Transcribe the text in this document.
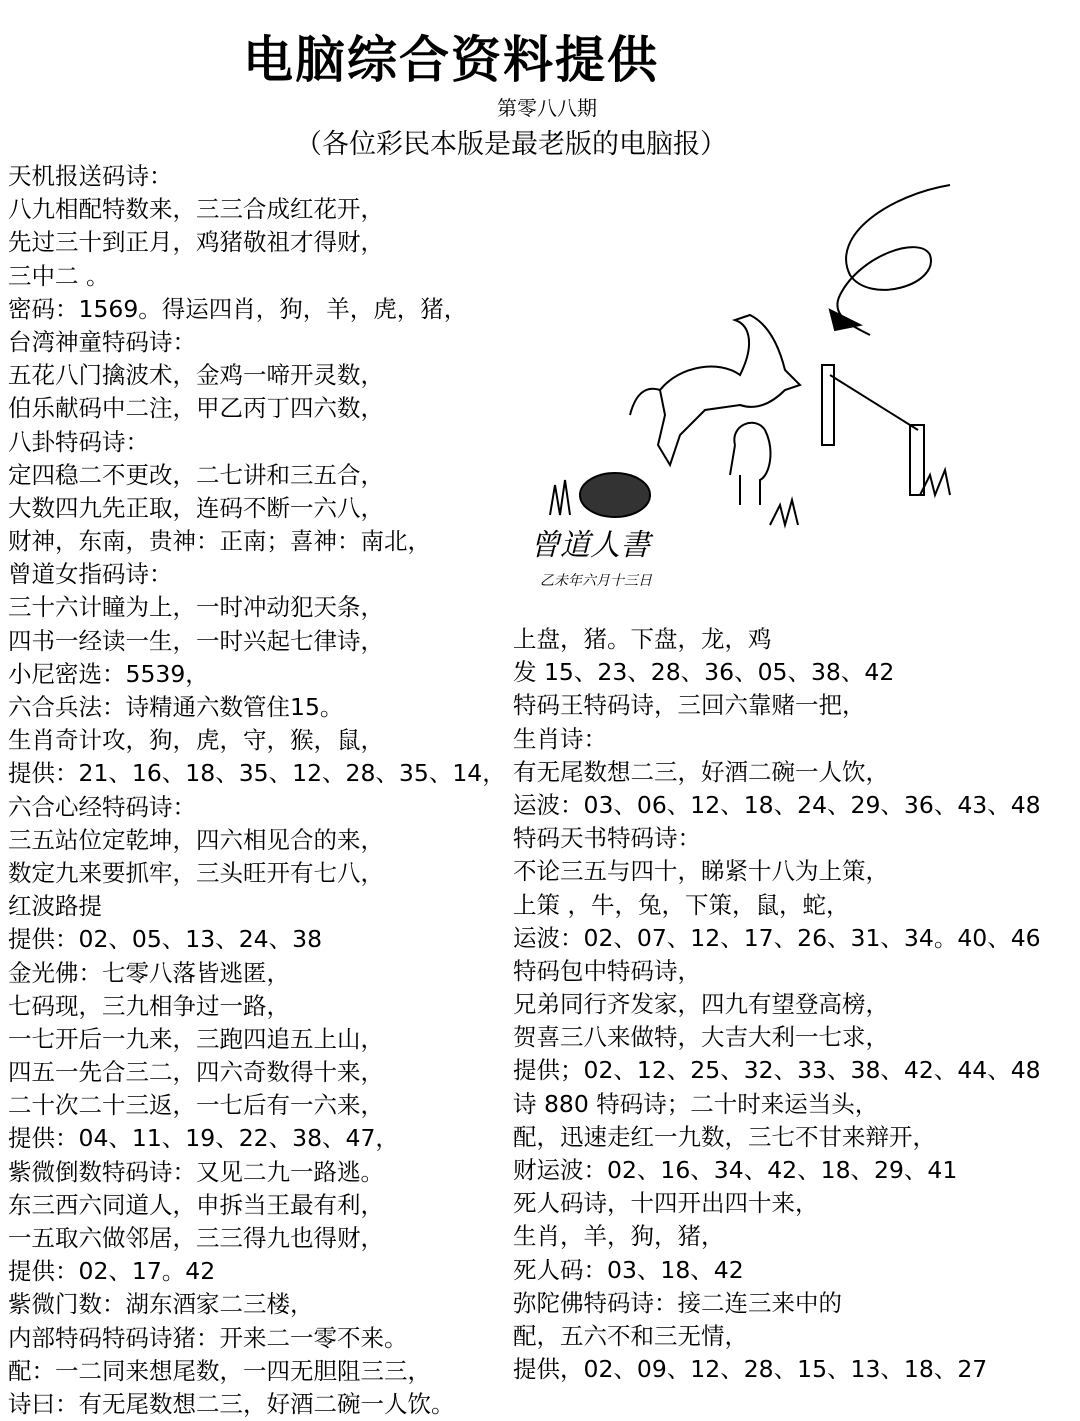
电脑综合资料提供
第零八八期
（各位彩民本版是最老版的电脑报）
天机报送码诗：
八九相配特数来，三三合成红花开，
先过三十到正月，鸡猪敬祖才得财，
三中二 。
密码：1569。得运四肖，狗，羊，虎，猪，
台湾神童特码诗：
五花八门擒波术，金鸡一啼开灵数，
伯乐献码中二注，甲乙丙丁四六数，
八卦特码诗：
定四稳二不更改，二七讲和三五合，
大数四九先正取，连码不断一六八，
财神，东南，贵神：正南；喜神：南北，
曾道女指码诗：
三十六计瞳为上，一时冲动犯天条，
四书一经读一生，一时兴起七律诗，
小尼密选：5539，
六合兵法：诗精通六数管住15。
生肖奇计攻，狗，虎，守，猴，鼠，
提供：21、16、18、35、12、28、35、14，
六合心经特码诗：
三五站位定乾坤，四六相见合的来，
数定九来要抓牢，三头旺开有七八，
红波路提
提供：02、05、13、24、38
金光佛：七零八落皆逃匿，
七码现，三九相争过一路，
一七开后一九来，三跑四追五上山，
四五一先合三二，四六奇数得十来，
二十次二十三返，一七后有一六来，
提供：04、11、19、22、38、47，
紫微倒数特码诗：又见二九一路逃。
东三西六同道人，申拆当王最有利，
一五取六做邻居，三三得九也得财，
提供：02、17。42
紫微门数：湖东酒家二三楼，
内部特码特码诗猪：开来二一零不来。
配：一二同来想尾数，一四无胆阻三三，
诗曰：有无尾数想二三，好酒二碗一人饮。
上盘，猪。下盘，龙，鸡
发 15、23、28、36、05、38、42
特码王特码诗，三回六靠赌一把，
生肖诗：
有无尾数想二三，好酒二碗一人饮，
运波：03、06、12、18、24、29、36、43、48
特码天书特码诗：
不论三五与四十，睇紧十八为上策，
上策 ，牛，兔，下策，鼠，蛇，
运波：02、07、12、17、26、31、34。40、46
特码包中特码诗，
兄弟同行齐发家，四九有望登高榜，
贺喜三八来做特，大吉大利一七求，
提供；02、12、25、32、33、38、42、44、48
诗 880 特码诗；二十时来运当头，
配，迅速走红一九数，三七不甘来辩开，
财运波：02、16、34、42、18、29、41
死人码诗，十四开出四十来，
生肖，羊，狗，猪，
死人码：03、18、42
弥陀佛特码诗：接二连三来中的
配，五六不和三无情，
提供，02、09、12、28、15、13、18、27
曾道人書
乙未年六月十三日
